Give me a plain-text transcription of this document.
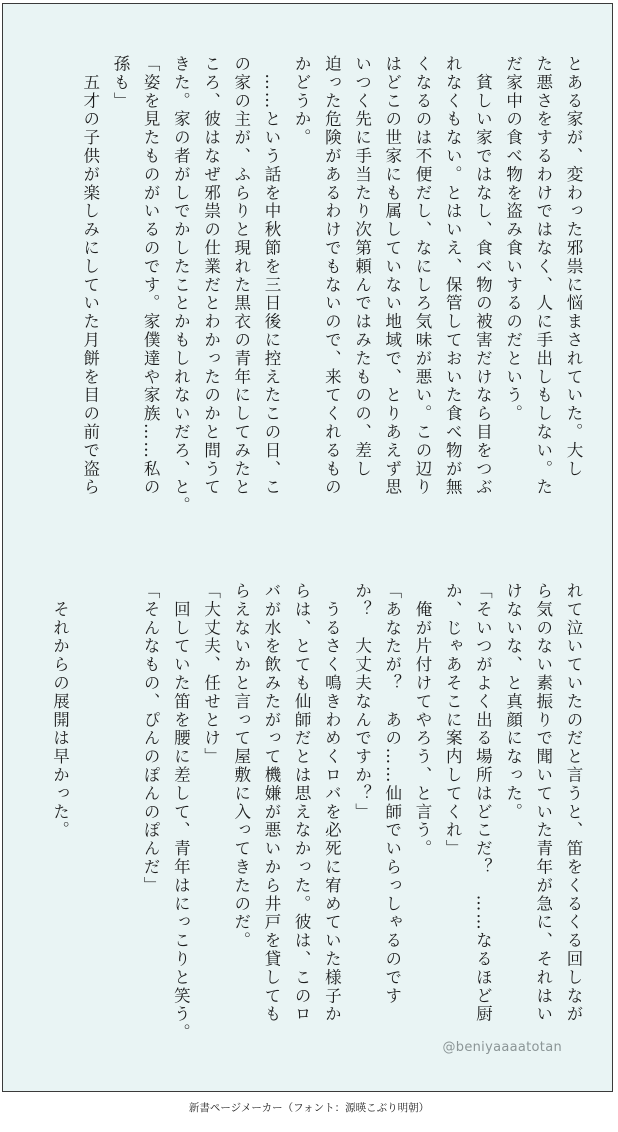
とある家が、変わった邪祟に悩まされていた。大し

た悪さをするわけではなく、人に手出しもしない。た

だ家中の食べ物を盗み食いするのだという。

　貧しい家ではなし、食べ物の被害だけなら目をつぶ

れなくもない。とはいえ、保管しておいた食べ物が無

くなるのは不便だし、なにしろ気味が悪い。この辺り

はどこの世家にも属していない地域で、とりあえず思

いつく先に手当たり次第頼んではみたものの、差し

迫った危険があるわけでもないので、来てくれるもの

かどうか。

　……という話を中秋節を三日後に控えたこの日、こ

の家の主が、ふらりと現れた黒衣の青年にしてみたと

ころ、彼はなぜ邪祟の仕業だとわかったのかと問うて

きた。家の者がしでかしたことかもしれないだろ、と。

「姿を見たものがいるのです。家僕達や家族……私の

孫も」

　五才の子供が楽しみにしていた月餅を目の前で盗ら

れて泣いていたのだと言うと、笛をくるくる回しなが

ら気のない素振りで聞いていた青年が急に、それはい

けないな、と真顔になった。

「そいつがよく出る場所はどこだ？　……なるほど厨

か、じゃあそこに案内してくれ」

　俺が片付けてやろう、と言う。

「あなたが？　あの……仙師でいらっしゃるのです

か？　大丈夫なんですか？」

　うるさく鳴きわめくロバを必死に宥めていた様子か

らは、とても仙師だとは思えなかった。彼は、このロ

バが水を飲みたがって機嫌が悪いから井戸を貸しても

らえないかと言って屋敷に入ってきたのだ。

「大丈夫、任せとけ」

　回していた笛を腰に差して、青年はにっこりと笑う。

「そんなもの、ぴんのぽんのぽんだ」

　それからの展開は早かった。

@beniyaaaatotan
新書ページメーカー（フォント：源暎こぶり明朝）
